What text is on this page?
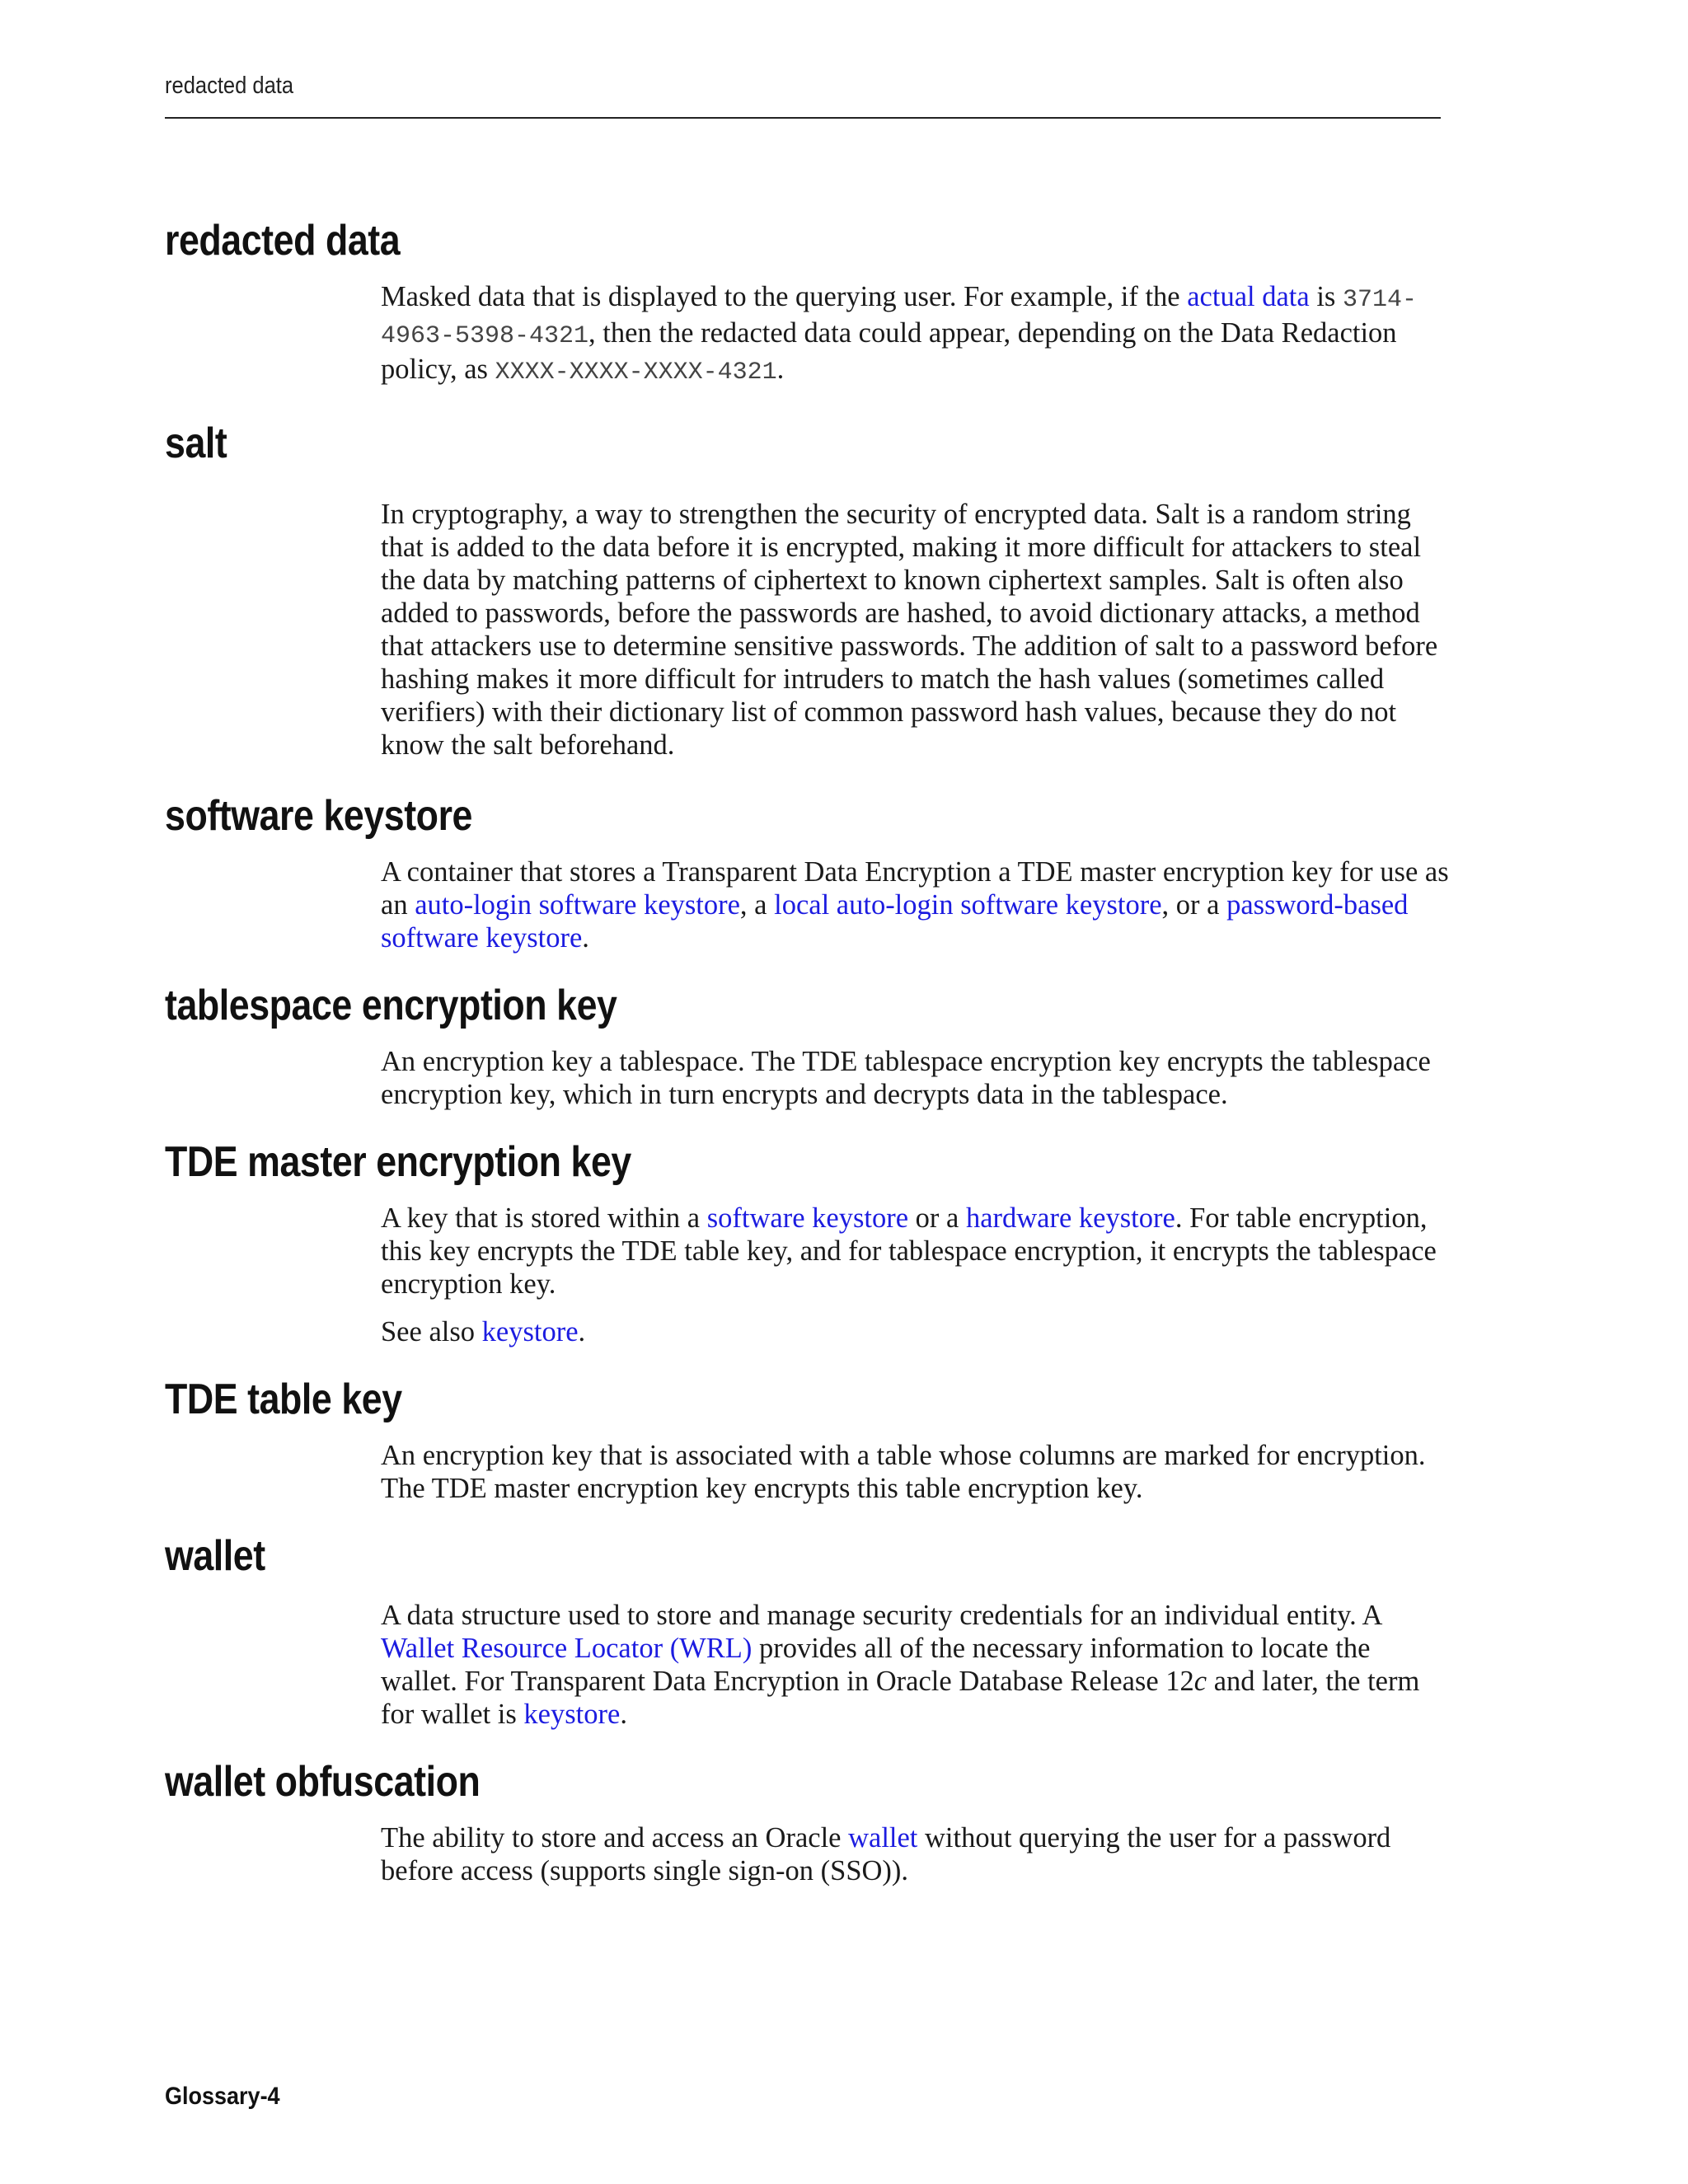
redacted data
redacted data

Masked data that is displayed to the querying user. For example, if the actual data is 3714-4963-5398-4321, then the redacted data could appear, depending on the Data Redaction policy, as XXXX-XXXX-XXXX-4321.

salt

In cryptography, a way to strengthen the security of encrypted data. Salt is a random string that is added to the data before it is encrypted, making it more difficult for attackers to steal the data by matching patterns of ciphertext to known ciphertext samples. Salt is often also added to passwords, before the passwords are hashed, to avoid dictionary attacks, a method that attackers use to determine sensitive passwords. The addition of salt to a password before hashing makes it more difficult for intruders to match the hash values (sometimes called verifiers) with their dictionary list of common password hash values, because they do not know the salt beforehand.

software keystore

A container that stores a Transparent Data Encryption a TDE master encryption key for use as an auto-login software keystore, a local auto-login software keystore, or a password-based software keystore.

tablespace encryption key

An encryption key a tablespace. The TDE tablespace encryption key encrypts the tablespace encryption key, which in turn encrypts and decrypts data in the tablespace.

TDE master encryption key

A key that is stored within a software keystore or a hardware keystore. For table encryption, this key encrypts the TDE table key, and for tablespace encryption, it encrypts the tablespace encryption key.

See also keystore.

TDE table key

An encryption key that is associated with a table whose columns are marked for encryption. The TDE master encryption key encrypts this table encryption key.

wallet

A data structure used to store and manage security credentials for an individual entity. A Wallet Resource Locator (WRL) provides all of the necessary information to locate the wallet. For Transparent Data Encryption in Oracle Database Release 12c and later, the term for wallet is keystore.

wallet obfuscation

The ability to store and access an Oracle wallet without querying the user for a password before access (supports single sign-on (SSO)).

Glossary-4
